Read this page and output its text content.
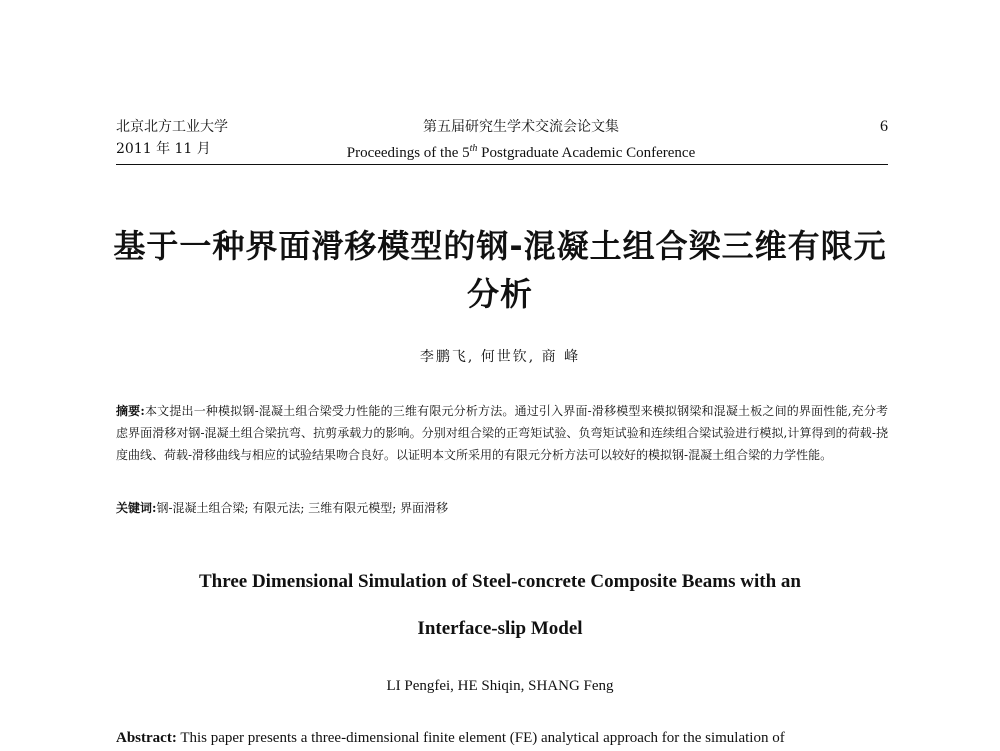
北京北方工业大学
2011 年 11 月
第五届研究生学术交流会论文集
Proceedings of the 5th Postgraduate Academic Conference
6
基于一种界面滑移模型的钢-混凝土组合梁三维有限元分析
李鹏飞, 何世钦, 商 峰
摘要:本文提出一种模拟钢-混凝土组合梁受力性能的三维有限元分析方法。通过引入界面-滑移模型来模拟钢梁和混凝土板之间的界面性能,充分考虑界面滑移对钢-混凝土组合梁抗弯、抗剪承载力的影响。分别对组合梁的正弯矩试验、负弯矩试验和连续组合梁试验进行模拟,计算得到的荷载-挠度曲线、荷载-滑移曲线与相应的试验结果吻合良好。以证明本文所采用的有限元分析方法可以较好的模拟钢-混凝土组合梁的力学性能。
关键词:钢-混凝土组合梁; 有限元法; 三维有限元模型; 界面滑移
Three Dimensional Simulation of Steel-concrete Composite Beams with an
Interface-slip Model
LI Pengfei, HE Shiqin, SHANG Feng
Abstract: This paper presents a three-dimensional finite element (FE) analytical approach for the simulation of
